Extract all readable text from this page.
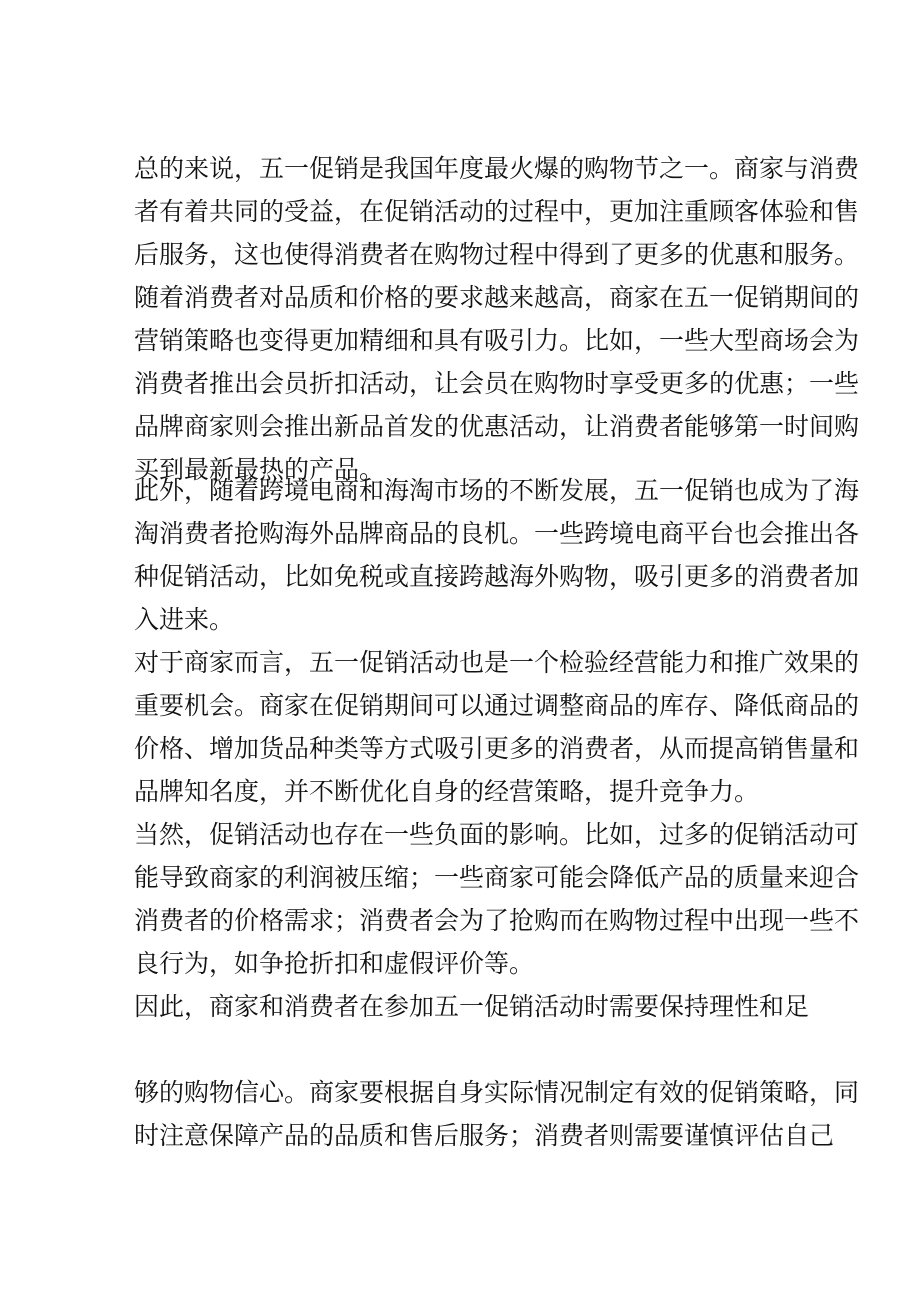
总的来说，五一促销是我国年度最火爆的购物节之一。商家与消费
者有着共同的受益，在促销活动的过程中，更加注重顾客体验和售
后服务，这也使得消费者在购物过程中得到了更多的优惠和服务。
随着消费者对品质和价格的要求越来越高，商家在五一促销期间的
营销策略也变得更加精细和具有吸引力。比如，一些大型商场会为
消费者推出会员折扣活动，让会员在购物时享受更多的优惠；一些
品牌商家则会推出新品首发的优惠活动，让消费者能够第一时间购
买到最新最热的产品。
此外，随着跨境电商和海淘市场的不断发展，五一促销也成为了海
淘消费者抢购海外品牌商品的良机。一些跨境电商平台也会推出各
种促销活动，比如免税或直接跨越海外购物，吸引更多的消费者加
入进来。
对于商家而言，五一促销活动也是一个检验经营能力和推广效果的
重要机会。商家在促销期间可以通过调整商品的库存、降低商品的
价格、增加货品种类等方式吸引更多的消费者，从而提高销售量和
品牌知名度，并不断优化自身的经营策略，提升竞争力。
当然，促销活动也存在一些负面的影响。比如，过多的促销活动可
能导致商家的利润被压缩；一些商家可能会降低产品的质量来迎合
消费者的价格需求；消费者会为了抢购而在购物过程中出现一些不
良行为，如争抢折扣和虚假评价等。
因此，商家和消费者在参加五一促销活动时需要保持理性和足
够的购物信心。商家要根据自身实际情况制定有效的促销策略，同
时注意保障产品的品质和售后服务；消费者则需要谨慎评估自己
